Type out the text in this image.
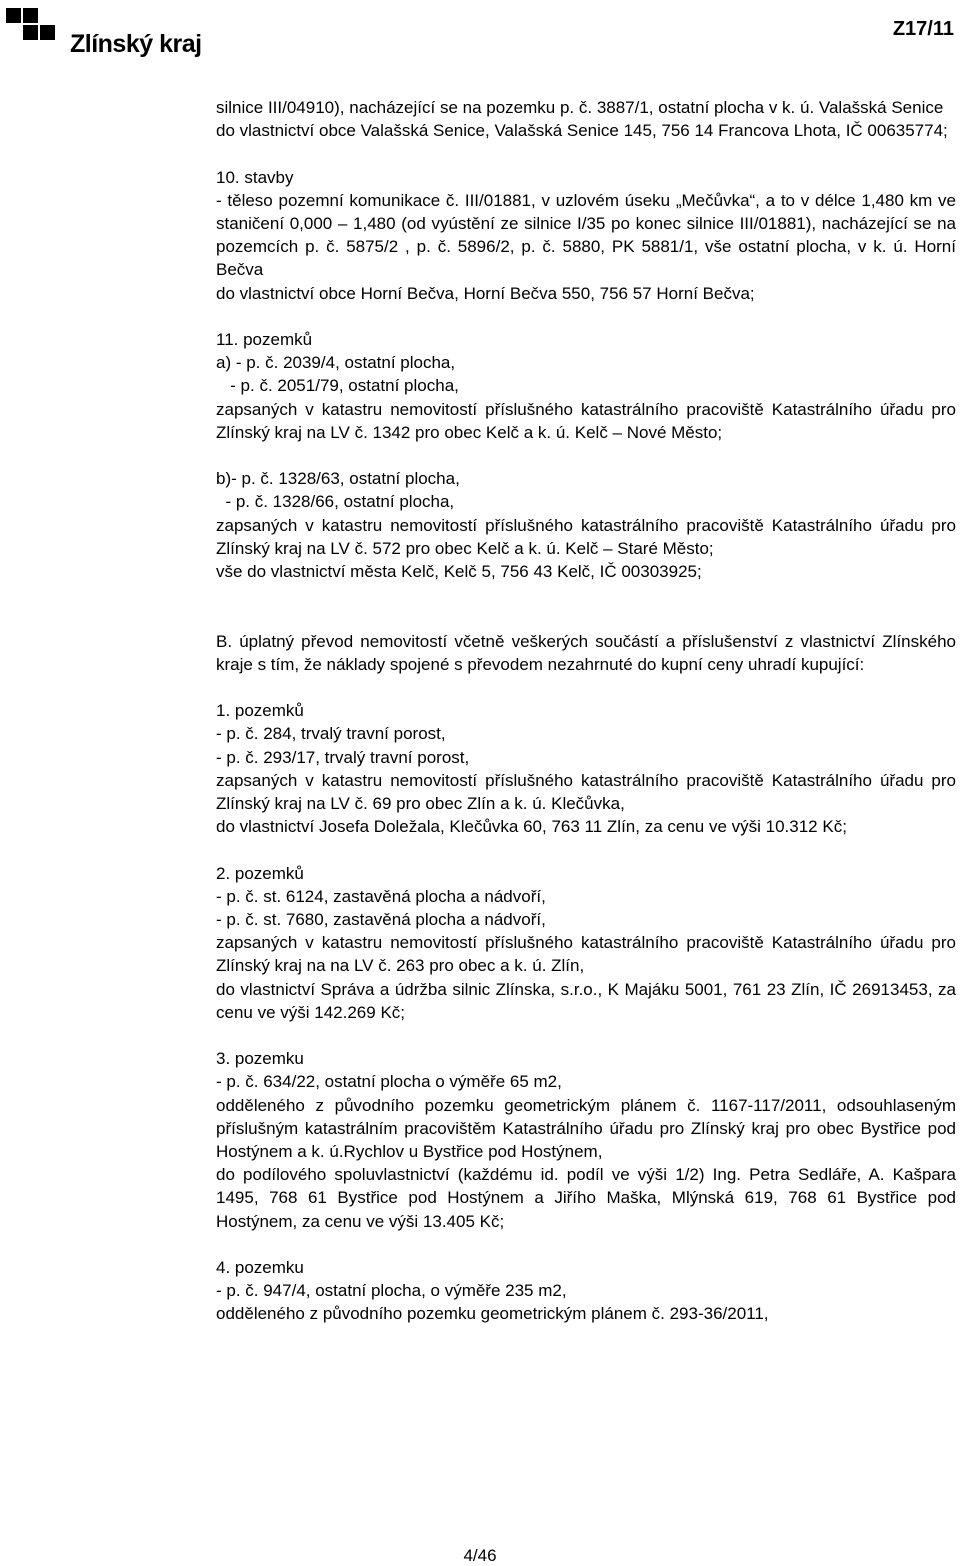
Zlínský kraj
Z17/11

silnice III/04910), nacházející se na pozemku p. č. 3887/1, ostatní plocha v k. ú. Valašská Senice

do vlastnictví obce Valašská Senice, Valašská Senice 145, 756 14 Francova Lhota, IČ 00635774;

10. stavby

- těleso pozemní komunikace č. III/01881, v uzlovém úseku „Mečůvka“, a to v délce 1,480 km ve staničení 0,000 – 1,480 (od vyústění ze silnice I/35 po konec silnice III/01881), nacházející se na pozemcích p. č. 5875/2 , p. č. 5896/2, p. č. 5880, PK 5881/1, vše ostatní plocha, v k. ú. Horní Bečva

do vlastnictví obce Horní Bečva, Horní Bečva 550, 756 57 Horní Bečva;

11. pozemků

a) - p. č. 2039/4, ostatní plocha,

- p. č. 2051/79, ostatní plocha,

zapsaných v katastru nemovitostí příslušného katastrálního pracoviště Katastrálního úřadu pro Zlínský kraj na LV č. 1342 pro obec Kelč a k. ú. Kelč – Nové Město;

b)- p. č. 1328/63, ostatní plocha,

- p. č. 1328/66, ostatní plocha,

zapsaných v katastru nemovitostí příslušného katastrálního pracoviště Katastrálního úřadu pro Zlínský kraj na LV č. 572 pro obec Kelč a k. ú. Kelč – Staré Město;

vše do vlastnictví města Kelč, Kelč 5, 756 43 Kelč, IČ 00303925;

B. úplatný převod nemovitostí včetně veškerých součástí a příslušenství z vlastnictví Zlínského kraje s tím, že náklady spojené s převodem nezahrnuté do kupní ceny uhradí kupující:

1. pozemků

- p. č. 284, trvalý travní porost,

- p. č. 293/17, trvalý travní porost,

zapsaných v katastru nemovitostí příslušného katastrálního pracoviště Katastrálního úřadu pro Zlínský kraj na LV č. 69 pro obec Zlín a k. ú. Klečůvka,

do vlastnictví Josefa Doležala, Klečůvka 60, 763 11 Zlín, za cenu ve výši 10.312 Kč;

2. pozemků

- p. č. st. 6124, zastavěná plocha a nádvoří,

- p. č. st. 7680, zastavěná plocha a nádvoří,

zapsaných v katastru nemovitostí příslušného katastrálního pracoviště Katastrálního úřadu pro Zlínský kraj na na LV č. 263 pro obec a k. ú. Zlín,

do vlastnictví Správa a údržba silnic Zlínska, s.r.o., K Majáku 5001, 761 23 Zlín, IČ 26913453, za cenu ve výši 142.269 Kč;

3. pozemku

- p. č. 634/22, ostatní plocha o výměře 65 m2,

odděleného z původního pozemku geometrickým plánem č. 1167-117/2011, odsouhlaseným příslušným katastrálním pracovištěm Katastrálního úřadu pro Zlínský kraj pro obec Bystřice pod Hostýnem a k. ú.Rychlov u Bystřice pod Hostýnem,

do podílového spoluvlastnictví (každému id. podíl ve výši 1/2) Ing. Petra Sedláře, A. Kašpara 1495, 768 61 Bystřice pod Hostýnem a Jiřího Maška, Mlýnská 619, 768 61 Bystřice pod Hostýnem, za cenu ve výši 13.405 Kč;

4. pozemku

- p. č. 947/4, ostatní plocha, o výměře 235 m2,

odděleného z původního pozemku geometrickým plánem č. 293-36/2011,

4/46
